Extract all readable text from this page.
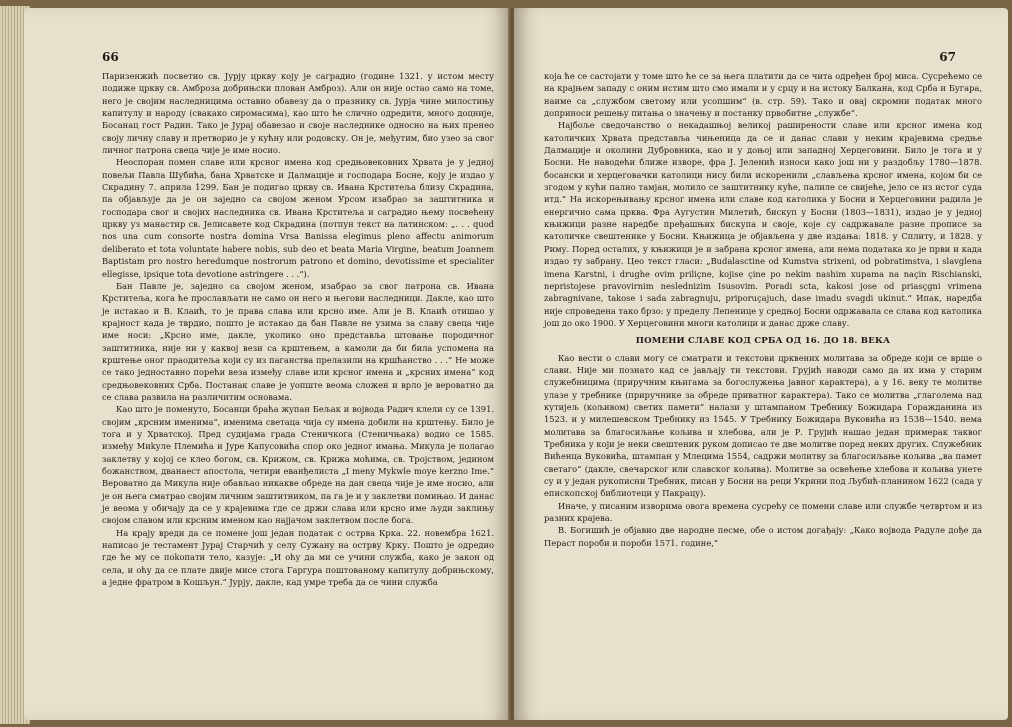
66

Паризенжић посветио св. Јурју цркву коју је саградио (године 1321. у истом месту подиже цркву св. Амброза добрињски плован Амброз). Али он није остао само на томе, него је својим наследницима оставио обавезу да о празнику св. Јурја чине милостињу капитулу и народу (свакако сиромасима), као што ће слично одредити, много доцније, Босанац гост Радин. Тако је Јурај обавезао и своје наследнике односно на њих пренео своју личну славу и претворио је у кућну или родовску. Он је, међутим, био узео за свог личног патрона свеца чије је име носио.

Неоспоран помен славе или крсног имена код средњовековних Хрвата је у једној повељи Павла Шубића, бана Хрватске и Далмације и господара Босне, коју је издао у Скрадину 7. априла 1299. Бан је подигао цркву св. Ивана Крститеља близу Скрадина, па објављује да је он заједно са својом женом Урсом изабрао за заштитника и господара свог и својих наследника св. Ивана Крститеља и саградио њему посвећену цркву уз манастир св. Јелисавете код Скрадина (потпун текст на латинском: „. . . quod nos una cum consorte nostra domina Vrsa Banissa elegimus pleno affectu animorum deliberato et tota voluntate habere nobis, sub deo et beata Maria Virgine, beatum Joannem Baptistam pro nostro heredumque nostrorum patrono et domino, devotissime et specialiter ellegisse, ipsique tota devotione astringere . . .“).

Бан Павле је, заједно са својом женом, изабрао за свог патрона св. Ивана Крститеља, кога ће прослављати не само он него и његови наследници. Дакле, као што је истакао и В. Клаић, то је права слава или крсно име. Али је В. Клаић отишао у крајност када је тврдио, пошто је истакао да бан Павле не узима за славу свеца чије име носи: „Крсно име, дакле, уколико оно представља штовање породичног заштитника, није ни у каквој вези са крштењем, а камоли да би била успомена на крштење оног праодитеља који су из паганства прелазили на кршћанство . . .“ Не може се тако једноставно порећи веза између славе или крсног имена и „крсних имена“ код средњовековних Срба. Постанак славе је уопште веома сложен и врло је вероватно да се слава развила на различитим основама.

Као што је поменуто, Босанци браћа жупан Бељак и војвода Радич клели су се 1391. својим „крсним именима“, именима светаца чија су имена добили на крштењу. Било је тога и у Хрватској. Пред судијама града Стеничкога (Стеничњака) водио се 1585. између Миkулe Племића и Јуре Капусовића спор око једног имања. Микула је полагао заклетву у којој се клео богом, св. Крижом, св. Крижа моћима, св. Тројством, једином божанством, дванаест апостола, четири еванђелиста „I meny Mykwle moye kerzno Ime.“ Вероватно да Микула није обављао никакве обреде на дан свеца чије је име носио, али је он његa сматрао својим личним заштитником, па га је и у заклетви помињао. И данас је веома у обичају да се у крајевима где се држи слава или крсно име људи заклињу својом славом или крсним именом као најјачом заклетвом после бога.

На крају вреди да се помене још један податак с острва Крка. 22. новембра 1621. написао је тестамент Јурај Старчић у селу Сужану на острву Крку. Пошто је одредио где ће му се поkопати тело, казује: „И оћу да ми се учини служба, како је закон од села, и оћу да се плате двије мисе стога Гаргура поштованому капитулу добрињскому, а једне фратром в Кошљун.“ Јурју, дакле, кад умре треба да се чини служба

67

која ће се састојати у томе што ће се за њега платити да се чита одређен број миса. Сусрећемо се на крајњем западу с оним истим што смо имали и у срцу и на истоку Балкана, код Срба и Бугара, наиме са „службом светому или усопшим“ (в. стр. 59). Тако и овај скромни податак много доприноси решењу питања о значењу и постанку првобитне „службе“.

Најбоље сведочанство о некадашњој великој раширености славе или крсног имена код католичких Хрвата представља чињеница да се и данас слави у неким крајевима средње Далмације и околини Дубровника, као и у доњој или западној Херцеговини. Било је тога и у Босни. Не наводећи ближе изворе, фра Ј. Јеленић износи како још ни у раздобљу 1780—1878. босански и херцеговачки католици нису били искоренили „слављења крсног имена, којом би се згодом у кући палио тамјан, молило се заштитнику куће, палиле се свијеће, јело се из истог суда итд.“ На искорењивању крсног имена или славе код католика у Босни и Херцеговини радила је енергично сама црква. Фра Аугустин Милетић, бискуп у Босни (1803—1831), издао је у једној књижици разне наредбе пређашњих бискупа и своје, које су садржавале разне прописе за католичке свештенике у Босни. Књижица је објављена у две издања: 1818. у Сплиту, и 1828. у Риму. Поред осталих, у књижици је и забрана крсног имена, али нема података ко је први и када издао ту забрану. Цео текст гласи: „Budalasctine od Kumstva strixeni, od pobratimstva, i slavglena imena Karstni, i drughe ovim priliçne, kojise çine po nekim nashim xupama na naçin Rischianski, nepristojese pravovirnim neslednizim Isusovim. Poradi scta, kakosi jose od priasçgni vrimena zabragnivane, takose i sada zabragnuju, priporuçajuch, dase imadu svagdi ukinut.“ Ипак, наредба није спроведена тако брзо: у пределу Лепенице у средњој Босни одржавала се слава код католика још до око 1900. У Херцеговини многи католици и данас држе славу.

ПОМЕНИ СЛАВЕ КОД СРБА ОД 16. ДО 18. ВЕКА

Као вести о слави могу се сматрати и текстови црквених молитава за обреде који се врше о слави. Није ми познато кад се јављају ти текстови. Грујић наводи само да их има у старим служебницима (приручним књигама за богослужења јавног карактера), а у 16. веку те молитве улазе у требнике (приручнике за обреде приватног карактера). Тако се молитва „глаголема над кутијељ (кољивом) светих памети“ налази у штампаном Требнику Божидара Горажданина из 1523. и у милешевском Требнику из 1545. У Требнику Божидара Вуковића из 1538—1540. нема молитава за благосиљање кољива и хлебова, али је Р. Грујић нашао један примерак таквог Требника у који је неки свештеник руком дописао те две молитве поред неких других. Служебник Вићенца Вуковића, штампан у Млецима 1554, садржи молитву за благосиљање кољива „ва памет светаго“ (дакле, свечарског или славског кољива). Молитве за освећење хлебова и кољива унете су и у један рукописни Требник, писан у Босни на реци Укрини под Љубић-планином 1622 (сада у епископској библиотеци у Пакрацу).

Иначе, у писаним изворима овога времена сусрећу се помени славе или службе четвртом и из разних крајева.

В. Богишић је објавио две народне песме, обе о истом догађају: „Како војвода Радуле дође да Пераст пороби и пороби 1571. године,“
